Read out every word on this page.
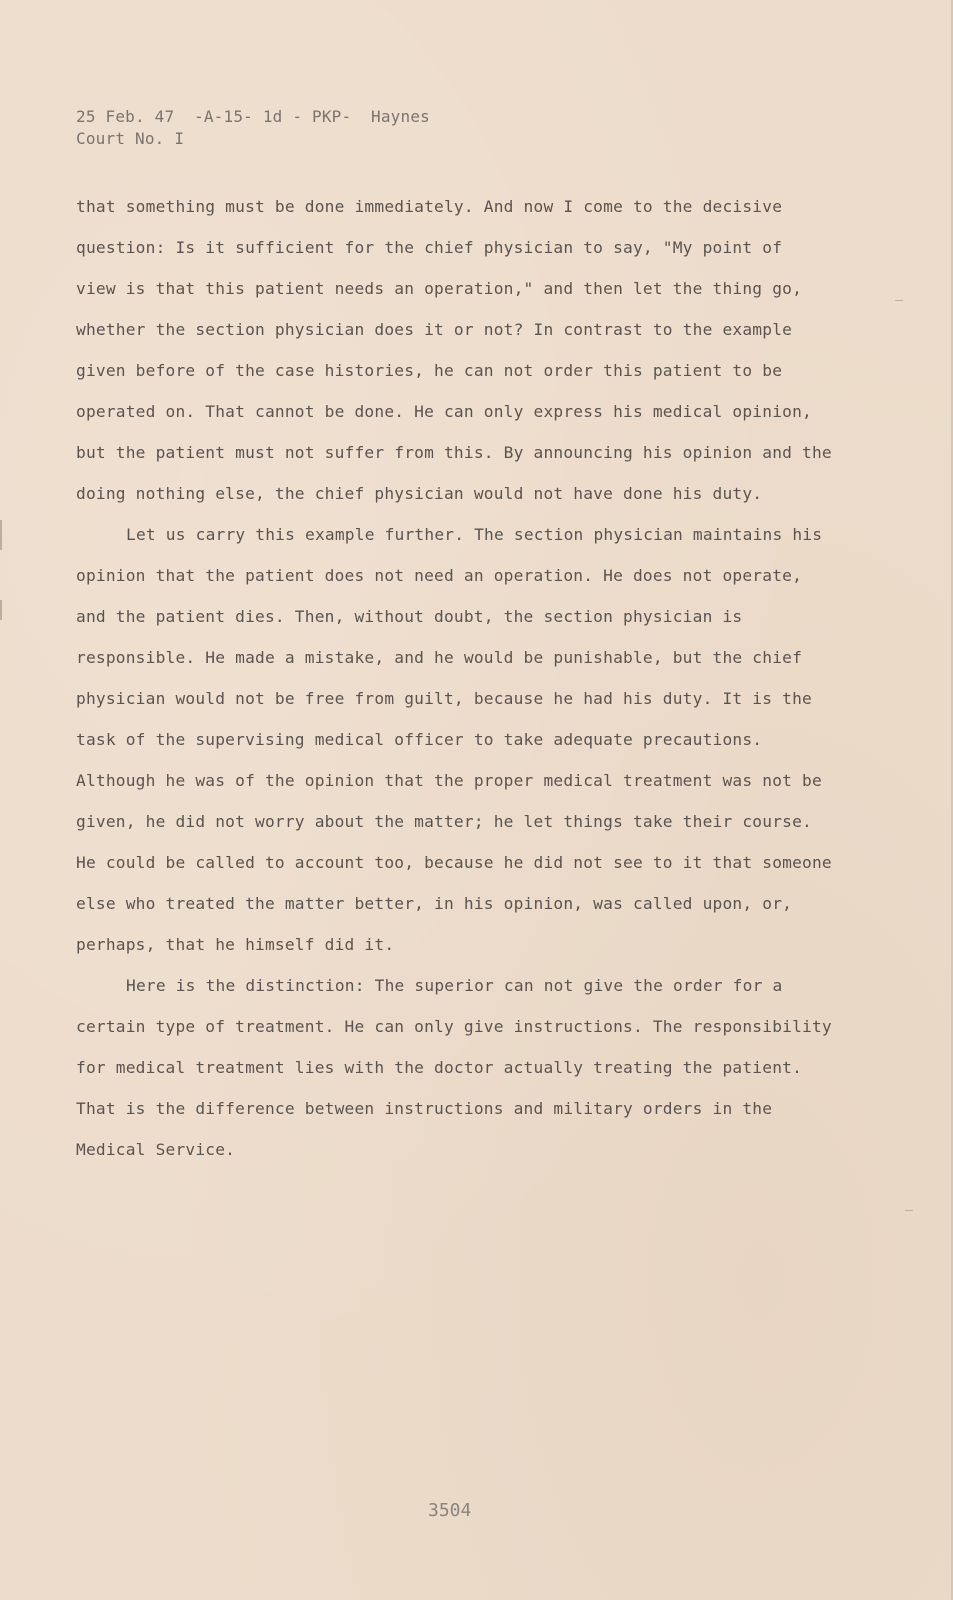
25 Feb. 47  -A-15- 1d - PKP-  Haynes
Court No. I

that something must be done immediately. And now I come to the decisive

question: Is it sufficient for the chief physician to say, "My point of

view is that this patient needs an operation," and then let the thing go,

whether the section physician does it or not? In contrast to the example

given before of the case histories, he can not order this patient to be

operated on. That cannot be done. He can only express his medical opinion,

but the patient must not suffer from this. By announcing his opinion and the

doing nothing else, the chief physician would not have done his duty.

Let us carry this example further. The section physician maintains his

opinion that the patient does not need an operation. He does not operate,

and the patient dies. Then, without doubt, the section physician is

responsible. He made a mistake, and he would be punishable, but the chief

physician would not be free from guilt, because he had his duty. It is the

task of the supervising medical officer to take adequate precautions.

Although he was of the opinion that the proper medical treatment was not be

given, he did not worry about the matter; he let things take their course.

He could be called to account too, because he did not see to it that someone

else who treated the matter better, in his opinion, was called upon, or,

perhaps, that he himself did it.

Here is the distinction: The superior can not give the order for a

certain type of treatment. He can only give instructions. The responsibility

for medical treatment lies with the doctor actually treating the patient.

That is the difference between instructions and military orders in the

Medical Service.

3504
